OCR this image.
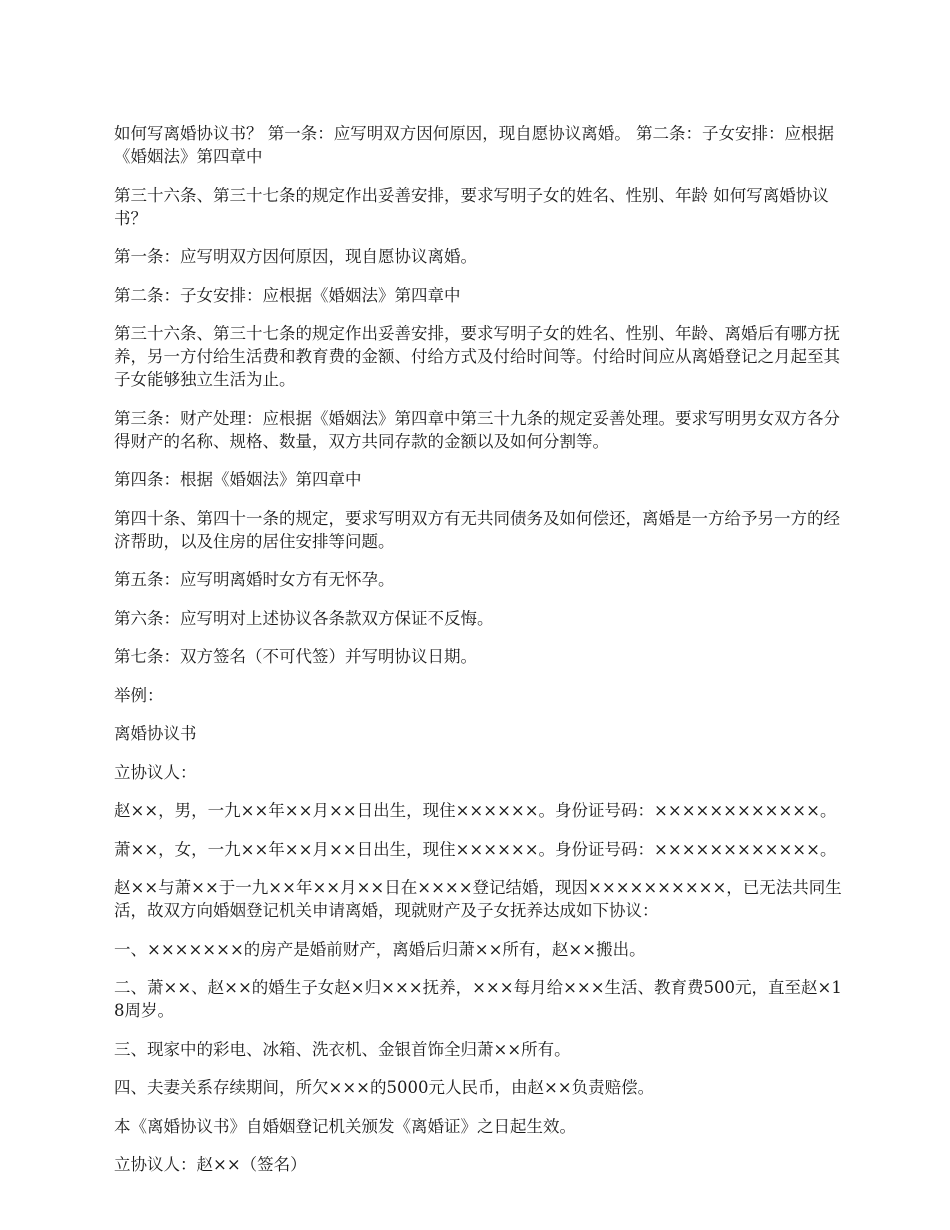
如何写离婚协议书？ 第一条：应写明双方因何原因，现自愿协议离婚。 第二条：子女安排：应根据《婚姻法》第四章中

第三十六条、第三十七条的规定作出妥善安排，要求写明子女的姓名、性别、年龄 如何写离婚协议书？

第一条：应写明双方因何原因，现自愿协议离婚。

第二条：子女安排：应根据《婚姻法》第四章中

第三十六条、第三十七条的规定作出妥善安排，要求写明子女的姓名、性别、年龄、离婚后有哪方抚养，另一方付给生活费和教育费的金额、付给方式及付给时间等。付给时间应从离婚登记之月起至其子女能够独立生活为止。

第三条：财产处理：应根据《婚姻法》第四章中第三十九条的规定妥善处理。要求写明男女双方各分得财产的名称、规格、数量，双方共同存款的金额以及如何分割等。

第四条：根据《婚姻法》第四章中

第四十条、第四十一条的规定，要求写明双方有无共同债务及如何偿还，离婚是一方给予另一方的经济帮助，以及住房的居住安排等问题。

第五条：应写明离婚时女方有无怀孕。

第六条：应写明对上述协议各条款双方保证不反悔。

第七条：双方签名（不可代签）并写明协议日期。

举例：

离婚协议书

立协议人：

赵××，男，一九××年××月××日出生，现住××××××。身份证号码：××××××××××××。

萧××，女，一九××年××月××日出生，现住××××××。身份证号码：××××××××××××。

赵××与萧××于一九××年××月××日在××××登记结婚，现因××××××××××，已无法共同生活，故双方向婚姻登记机关申请离婚，现就财产及子女抚养达成如下协议：

一、×××××××的房产是婚前财产，离婚后归萧××所有，赵××搬出。

二、萧××、赵××的婚生子女赵×归×××抚养，×××每月给×××生活、教育费500元，直至赵×18周岁。

三、现家中的彩电、冰箱、洗衣机、金银首饰全归萧××所有。

四、夫妻关系存续期间，所欠×××的5000元人民币，由赵××负责赔偿。

本《离婚协议书》自婚姻登记机关颁发《离婚证》之日起生效。

立协议人：赵××（签名）
